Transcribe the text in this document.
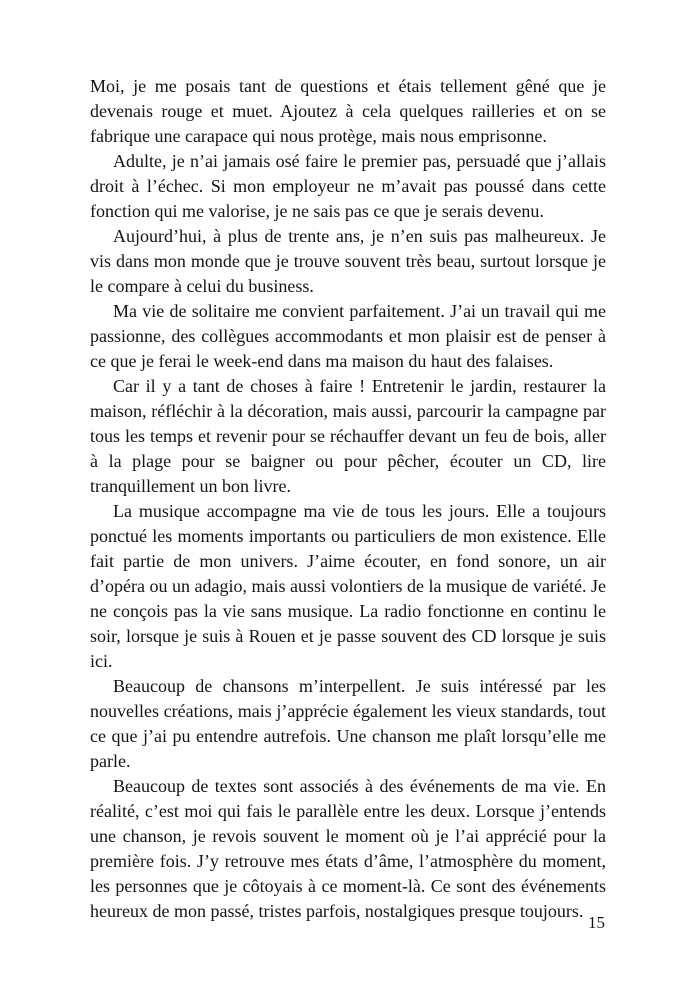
Moi, je me posais tant de questions et étais tellement gêné que je devenais rouge et muet. Ajoutez à cela quelques railleries et on se fabrique une carapace qui nous protège, mais nous emprisonne.

Adulte, je n’ai jamais osé faire le premier pas, persuadé que j’allais droit à l’échec. Si mon employeur ne m’avait pas poussé dans cette fonction qui me valorise, je ne sais pas ce que je serais devenu.

Aujourd’hui, à plus de trente ans, je n’en suis pas malheureux. Je vis dans mon monde que je trouve souvent très beau, surtout lorsque je le compare à celui du business.

Ma vie de solitaire me convient parfaitement. J’ai un travail qui me passionne, des collègues accommodants et mon plaisir est de penser à ce que je ferai le week-end dans ma maison du haut des falaises.

Car il y a tant de choses à faire ! Entretenir le jardin, restaurer la maison, réfléchir à la décoration, mais aussi, parcourir la campagne par tous les temps et revenir pour se réchauffer devant un feu de bois, aller à la plage pour se baigner ou pour pêcher, écouter un CD, lire tranquillement un bon livre.

La musique accompagne ma vie de tous les jours. Elle a toujours ponctué les moments importants ou particuliers de mon existence. Elle fait partie de mon univers. J’aime écouter, en fond sonore, un air d’opéra ou un adagio, mais aussi volontiers de la musique de variété. Je ne conçois pas la vie sans musique. La radio fonctionne en continu le soir, lorsque je suis à Rouen et je passe souvent des CD lorsque je suis ici.

Beaucoup de chansons m’interpellent. Je suis intéressé par les nouvelles créations, mais j’apprécie également les vieux standards, tout ce que j’ai pu entendre autrefois. Une chanson me plaît lorsqu’elle me parle.

Beaucoup de textes sont associés à des événements de ma vie. En réalité, c’est moi qui fais le parallèle entre les deux. Lorsque j’entends une chanson, je revois souvent le moment où je l’ai apprécié pour la première fois. J’y retrouve mes états d’âme, l’atmosphère du moment, les personnes que je côtoyais à ce moment-là. Ce sont des événements heureux de mon passé, tristes parfois, nostalgiques presque toujours.

15
